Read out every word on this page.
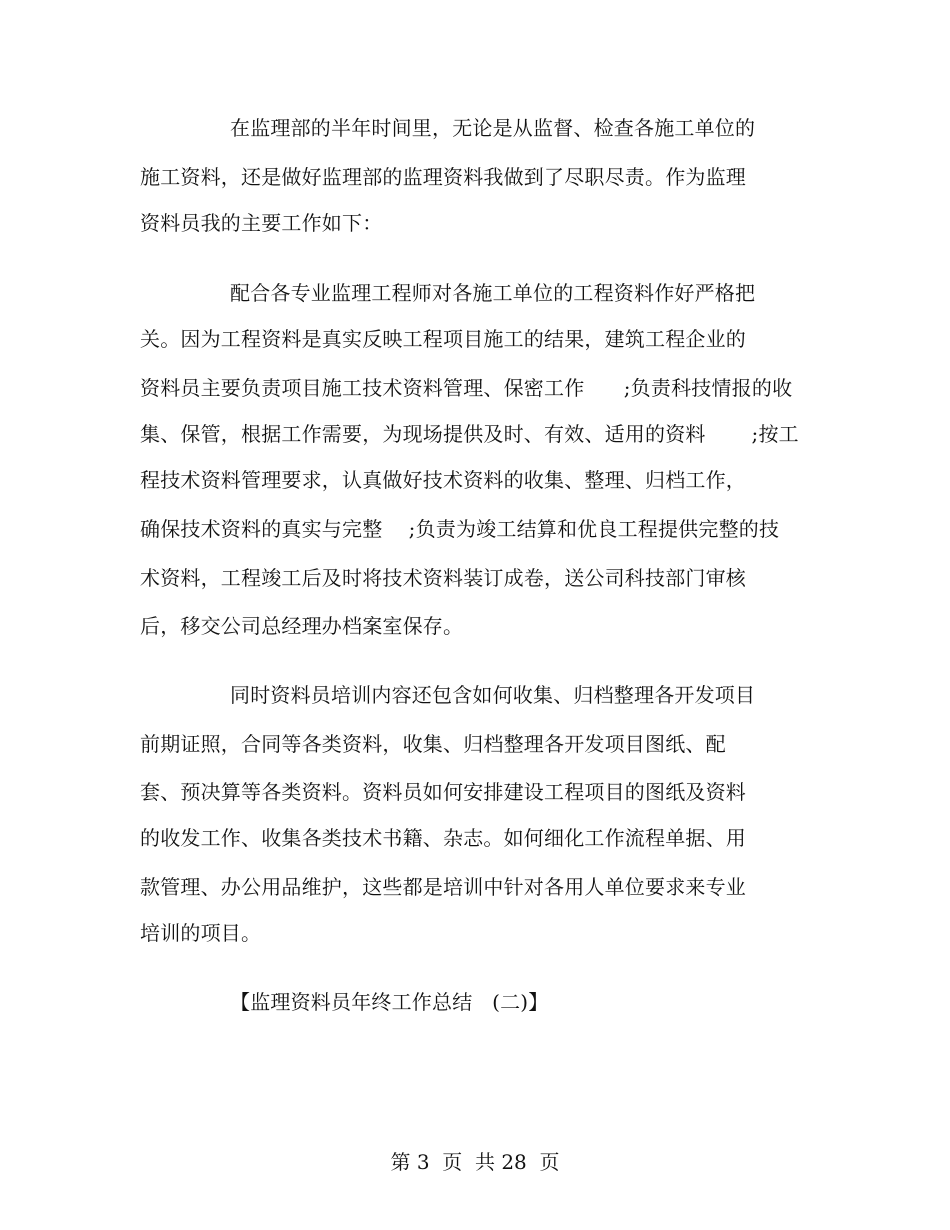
在监理部的半年时间里，无论是从监督、检查各施工单位的
施工资料，还是做好监理部的监理资料我做到了尽职尽责。作为监理
资料员我的主要工作如下：
配合各专业监理工程师对各施工单位的工程资料作好严格把
关。因为工程资料是真实反映工程项目施工的结果，建筑工程企业的
资料员主要负责项目施工技术资料管理、保密工作      ;负责科技情报的收
集、保管，根据工作需要，为现场提供及时、有效、适用的资料       ;按工
程技术资料管理要求，认真做好技术资料的收集、整理、归档工作，
确保技术资料的真实与完整    ;负责为竣工结算和优良工程提供完整的技
术资料，工程竣工后及时将技术资料装订成卷，送公司科技部门审核
后，移交公司总经理办档案室保存。
同时资料员培训内容还包含如何收集、归档整理各开发项目
前期证照，合同等各类资料，收集、归档整理各开发项目图纸、配
套、预决算等各类资料。资料员如何安排建设工程项目的图纸及资料
的收发工作、收集各类技术书籍、杂志。如何细化工作流程单据、用
款管理、办公用品维护，这些都是培训中针对各用人单位要求来专业
培训的项目。
【监理资料员年终工作总结   (二)】
第 3  页  共 28  页
